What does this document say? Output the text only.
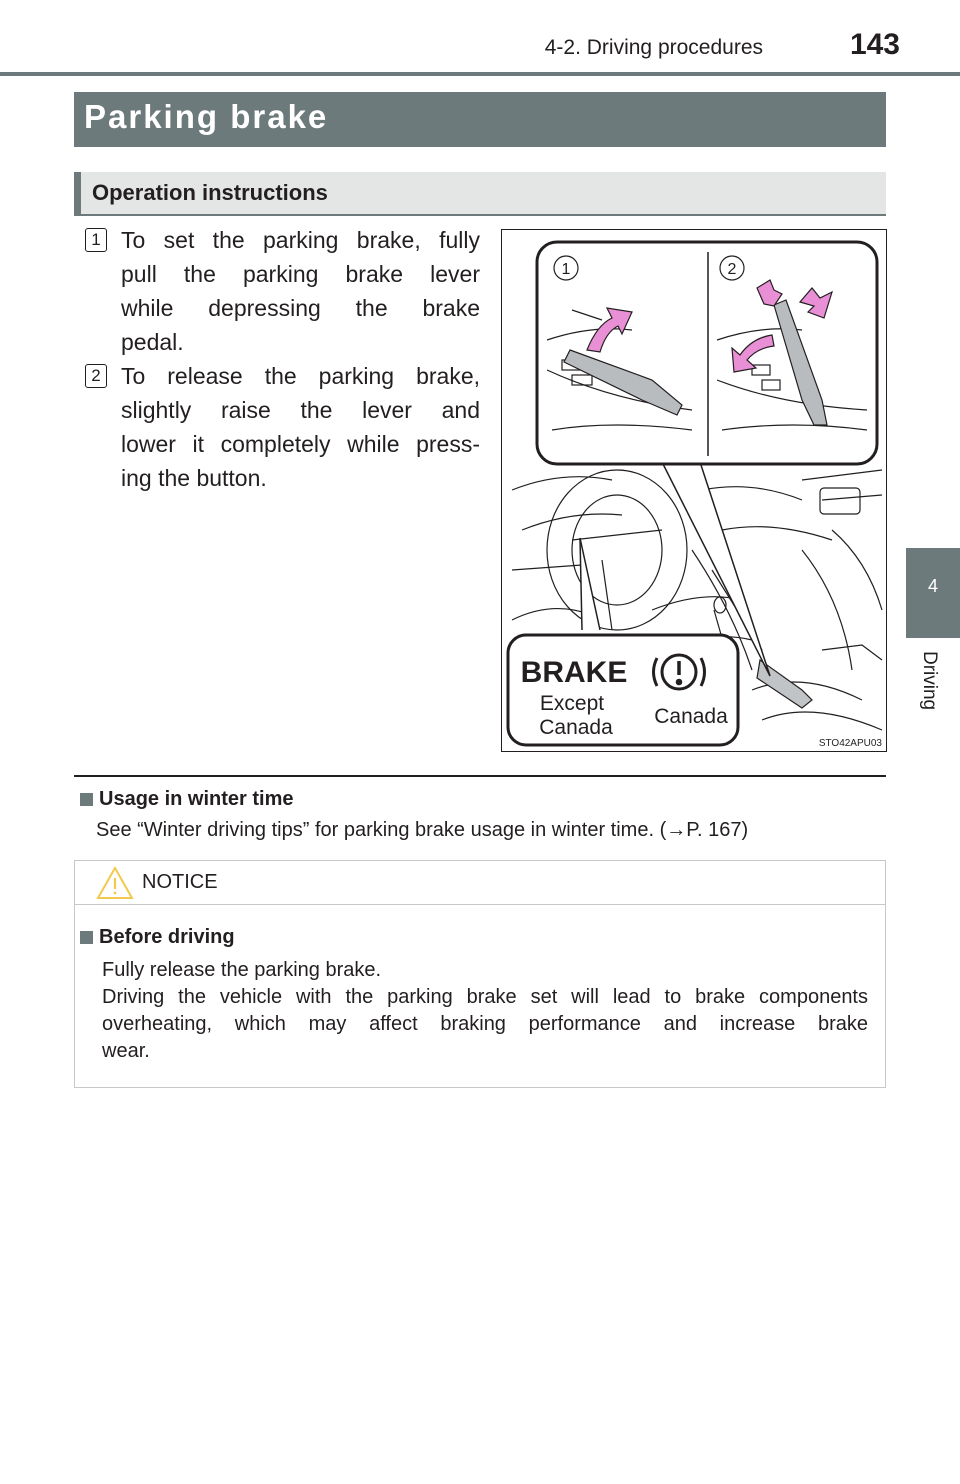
4-2. Driving procedures	143
4
Driving
Parking brake
Operation instructions
1 To set the parking brake, fully
pull the parking brake lever
while depressing the brake
pedal.
2 To release the parking brake,
slightly raise the lever and
lower it completely while press-
ing the button.
1	2
BRAKE
Except
Canada Canada
STO42APU03
Usage in winter time
See “Winter driving tips” for parking brake usage in winter time. (→P. 167)
NOTICE
Before driving
Fully release the parking brake.
Driving the vehicle with the parking brake set will lead to brake components
overheating, which may affect braking performance and increase brake
wear.
